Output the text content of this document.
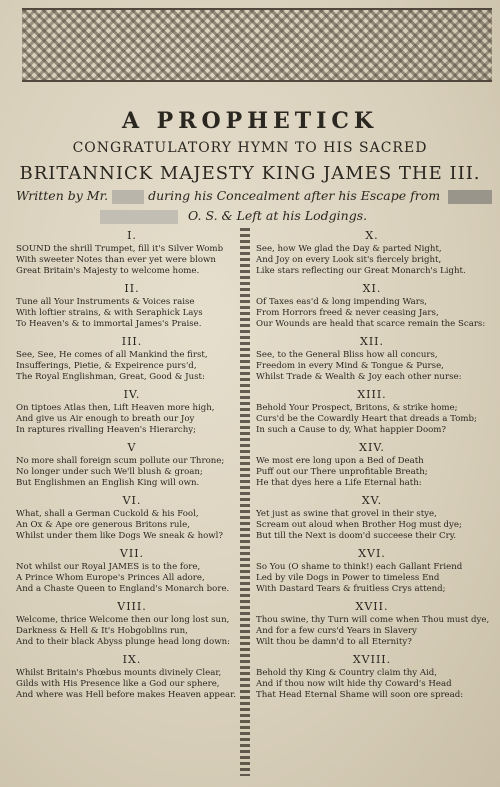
A PROPHETICK
CONGRATULATORY HYMN TO HIS SACRED
BRITANNICK MAJESTY KING JAMES THE III.
Written by Mr.	during his Concealment after his Escape from
O. S. & Left at his Lodgings.
I.
SOUND the shrill Trumpet, fill it's Silver Womb
With sweeter Notes than ever yet were blown
Great Britain's Majesty to welcome home.
II.
Tune all Your Instruments & Voices raise
With loftier strains, & with Seraphick Lays
To Heaven's & to immortal James's Praise.
III.
See, See, He comes of all Mankind the first,
Insufferings, Pietie, & Expeirence purs'd,
The Royal Englishman, Great, Good & Just:
IV.
On tiptoes Atlas then, Lift Heaven more high,
And give us Air enough to breath our Joy
In raptures rivalling Heaven's Hierarchy;
V
No more shall foreign scum pollute our Throne;
No longer under such We'll blush & groan;
But Englishmen an English King will own.
VI.
What, shall a German Cuckold & his Fool,
An Ox & Ape ore generous Britons rule,
Whilst under them like Dogs We sneak & howl?
VII.
Not whilst our Royal JAMES is to the fore,
A Prince Whom Europe's Princes All adore,
And a Chaste Queen to England's Monarch bore.
VIII.
Welcome, thrice Welcome then our long lost sun,
Darkness & Hell & It's Hobgoblins run,
And to their black Abyss plunge head long down:
IX.
Whilst Britain's Phœbus mounts divinely Clear,
Gilds with His Presence like a God our sphere,
And where was Hell before makes Heaven appear.
X.
See, how We glad the Day & parted Night,
And Joy on every Look sit's fiercely bright,
Like stars reflecting our Great Monarch's Light.
XI.
Of Taxes eas'd & long impending Wars,
From Horrors freed & never ceasing Jars,
Our Wounds are heald that scarce remain the Scars:
XII.
See, to the General Bliss how all concurs,
Freedom in every Mind & Tongue & Purse,
Whilst Trade & Wealth & Joy each other nurse:
XIII.
Behold Your Prospect, Britons, & strike home;
Curs'd be the Cowardly Heart that dreads a Tomb;
In such a Cause to dy, What happier Doom?
XIV.
We most ere long upon a Bed of Death
Puff out our There unprofitable Breath;
He that dyes here a Life Eternal hath:
XV.
Yet just as swine that grovel in their stye,
Scream out aloud when Brother Hog must dye;
But till the Next is doom'd succeese their Cry.
XVI.
So You (O shame to think!) each Gallant Friend
Led by vile Dogs in Power to timeless End
With Dastard Tears & fruitless Crys attend;
XVII.
Thou swine, thy Turn will come when Thou must dye,
And for a few curs'd Years in Slavery
Wilt thou be damn'd to all Eternity?
XVIII.
Behold thy King & Country claim thy Aid,
And if thou now wilt hide thy Coward's Head
That Head Eternal Shame will soon ore spread:
